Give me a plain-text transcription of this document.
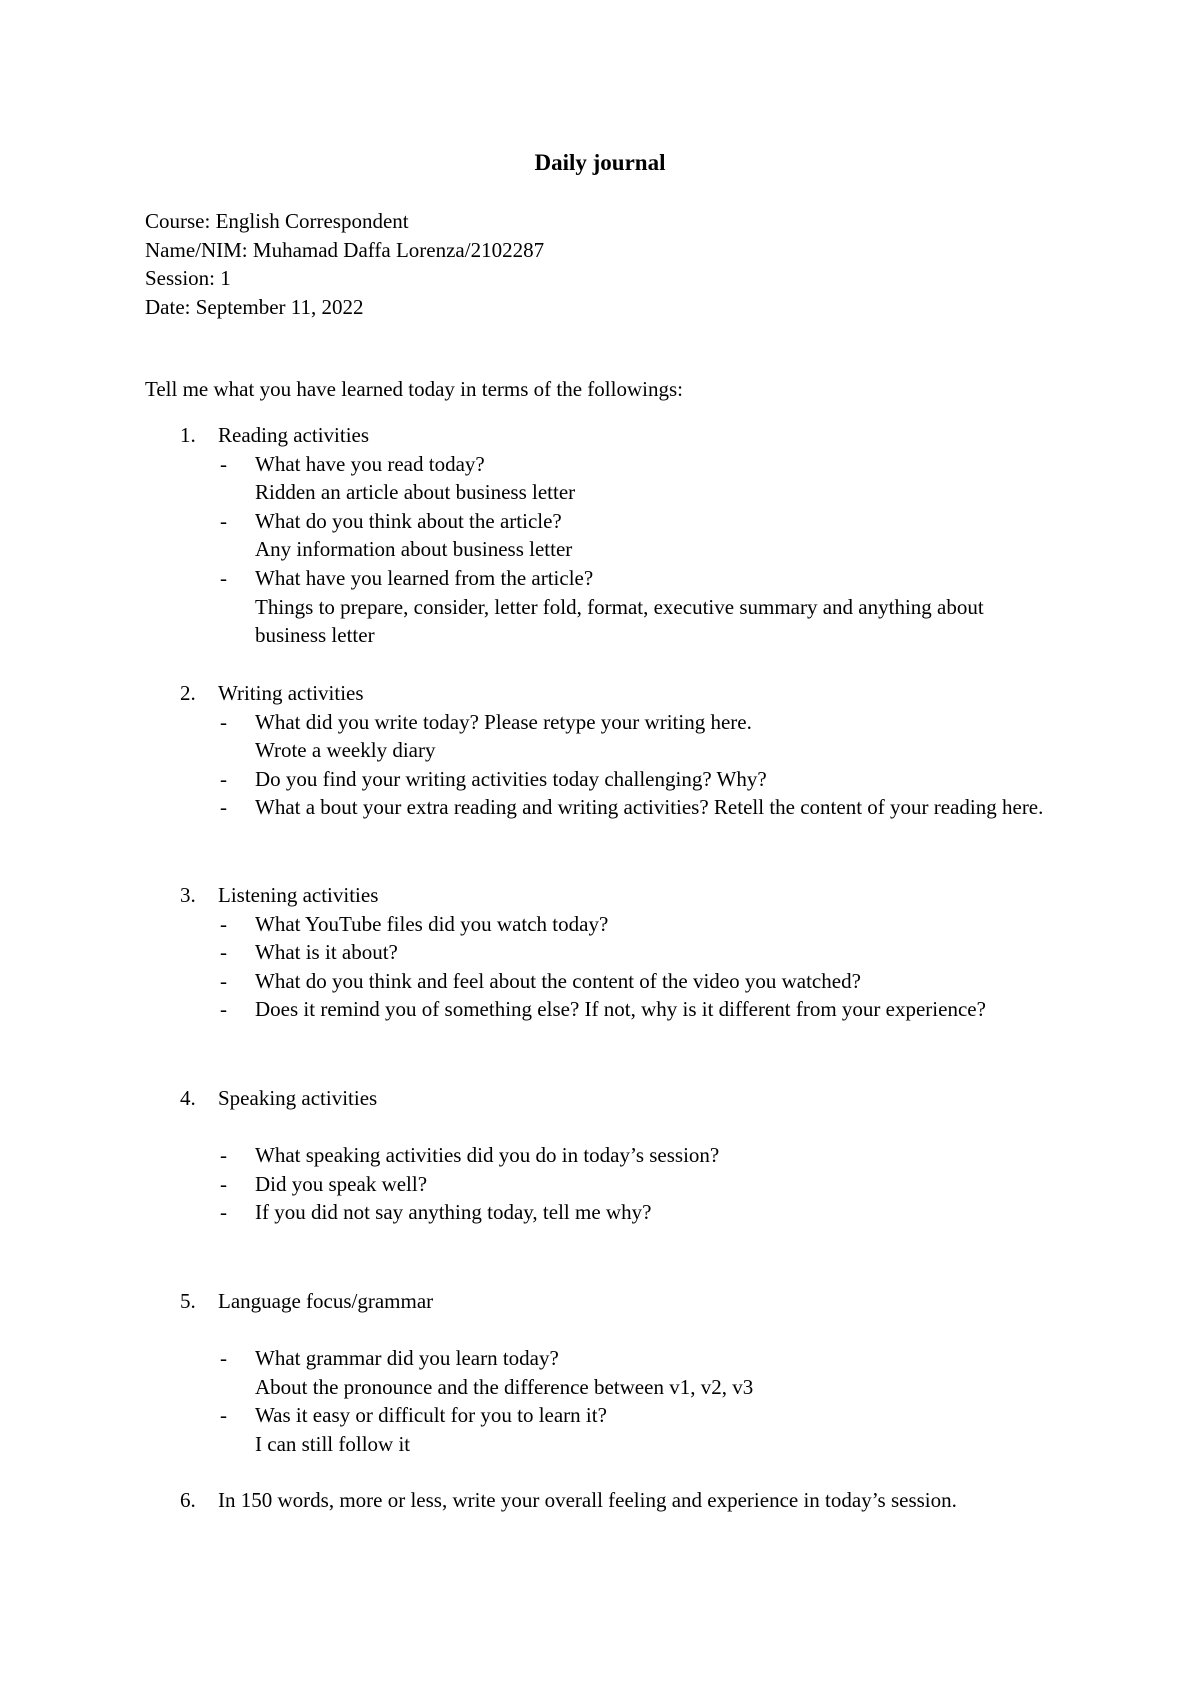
Daily journal
Course: English Correspondent
Name/NIM: Muhamad Daffa Lorenza/2102287
Session: 1
Date: September 11, 2022
Tell me what you have learned today in terms of the followings:
1. Reading activities
- What have you read today?
Ridden an article about business letter
- What do you think about the article?
Any information about business letter
- What have you learned from the article?
Things to prepare, consider, letter fold, format, executive summary and anything about business letter
2. Writing activities
- What did you write today? Please retype your writing here.
Wrote a weekly diary
- Do you find your writing activities today challenging? Why?
- What a bout your extra reading and writing activities? Retell the content of your reading here.
3. Listening activities
- What YouTube files did you watch today?
- What is it about?
- What do you think and feel about the content of the video you watched?
- Does it remind you of something else? If not, why is it different from your experience?
4. Speaking activities
- What speaking activities did you do in today’s session?
- Did you speak well?
- If you did not say anything today, tell me why?
5. Language focus/grammar
- What grammar did you learn today?
About the pronounce and the difference between v1, v2, v3
- Was it easy or difficult for you to learn it?
I can still follow it
6. In 150 words, more or less, write your overall feeling and experience in today’s session.
